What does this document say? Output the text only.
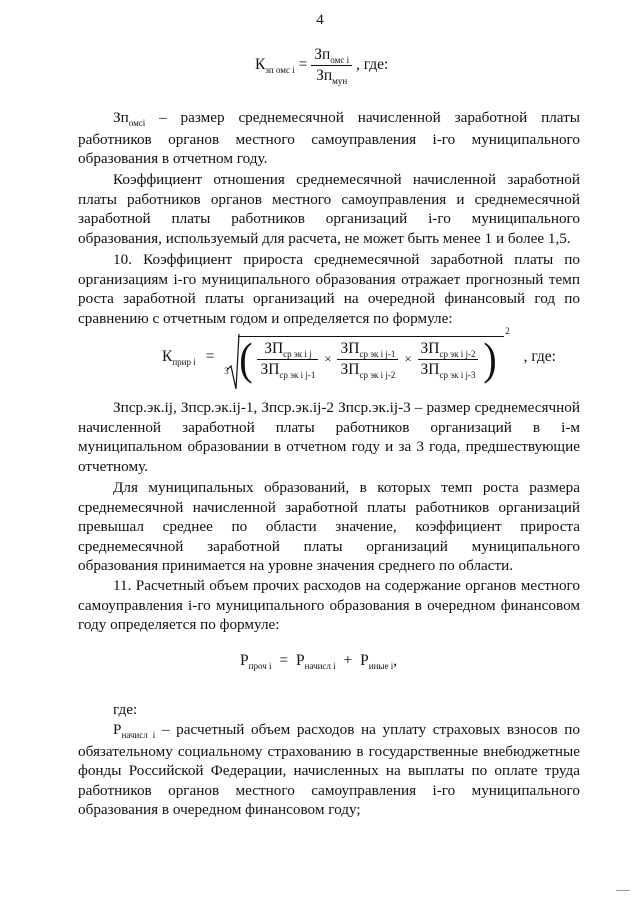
4
$К_{зп омс i} = \frac{Зп_{омс i}}{Зп_{мун}}$ , где:
$Зп_{омсi}$ – размер среднемесячной начисленной заработной платы работников органов местного самоуправления i-го муниципального образования в отчетном году.
Коэффициент отношения среднемесячной начисленной заработной платы работников органов местного самоуправления и среднемесячной заработной платы работников организаций i-го муниципального образования, используемый для расчета, не может быть менее 1 и более 1,5.
10. Коэффициент прироста среднемесячной заработной платы по организациям i-го муниципального образования отражает прогнозный темп роста заработной платы организаций на очередной финансовый год по сравнению с отчетным годом и определяется по формуле:
$К_{прир i}$ =
3 ( $\frac{ЗП_{ср эк i j}}{ЗП_{ср эк i j-1}} \times \frac{ЗП_{ср эк i j-1}}{ЗП_{ср эк i j-2}} \times \frac{ЗП_{ср эк i j-2}}{ЗП_{ср эк i j-3}}$ )
2
, где:
Зпср.эк.ij, Зпср.эк.ij-1, Зпср.эк.ij-2 Зпср.эк.ij-3 – размер среднемесячной начисленной заработной платы работников организаций в i-м муниципальном образовании в отчетном году и за 3 года, предшествующие отчетному.
Для муниципальных образований, в которых темп роста размера среднемесячной начисленной заработной платы работников организаций превышал среднее по области значение, коэффициент прироста среднемесячной заработной платы организаций муниципального образования принимается на уровне значения среднего по области.
11. Расчетный объем прочих расходов на содержание органов местного самоуправления i-го муниципального образования в очередном финансовом году определяется по формуле:
$Р_{проч i} = Р_{начисл i} + Р_{иные i}$,
где:
$Р_{начисл i}$ – расчетный объем расходов на уплату страховых взносов по обязательному социальному страхованию в государственные внебюджетные фонды Российской Федерации, начисленных на выплаты по оплате труда работников органов местного самоуправления i-го муниципального образования в очередном финансовом году;
